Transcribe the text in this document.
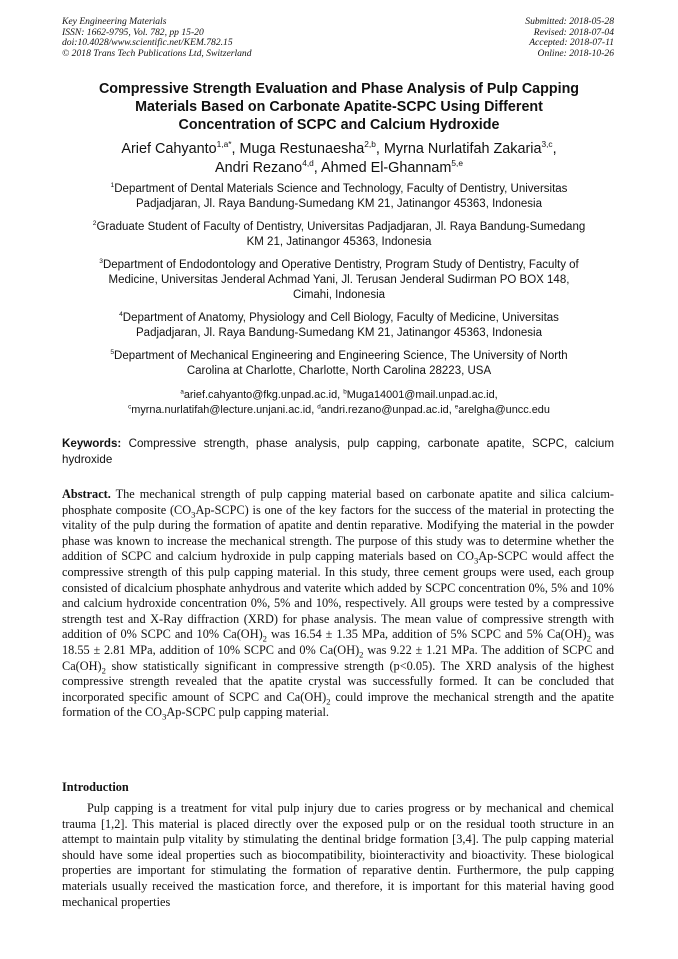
Key Engineering Materials
ISSN: 1662-9795, Vol. 782, pp 15-20
doi:10.4028/www.scientific.net/KEM.782.15
© 2018 Trans Tech Publications Ltd, Switzerland
Submitted: 2018-05-28
Revised: 2018-07-04
Accepted: 2018-07-11
Online: 2018-10-26
Compressive Strength Evaluation and Phase Analysis of Pulp Capping
Materials Based on Carbonate Apatite-SCPC Using Different
Concentration of SCPC and Calcium Hydroxide
Arief Cahyanto$^{1,a*}$, Muga Restunaesha$^{2,b}$, Myrna Nurlatifah Zakaria$^{3,c}$,
Andri Rezano$^{4,d}$, Ahmed El-Ghannam$^{5,e}$
$^1$Department of Dental Materials Science and Technology, Faculty of Dentistry, Universitas
Padjadjaran, Jl. Raya Bandung-Sumedang KM 21, Jatinangor 45363, Indonesia
$^2$Graduate Student of Faculty of Dentistry, Universitas Padjadjaran, Jl. Raya Bandung-Sumedang
KM 21, Jatinangor 45363, Indonesia
$^3$Department of Endodontology and Operative Dentistry, Program Study of Dentistry, Faculty of
Medicine, Universitas Jenderal Achmad Yani, Jl. Terusan Jenderal Sudirman PO BOX 148,
Cimahi, Indonesia
$^4$Department of Anatomy, Physiology and Cell Biology, Faculty of Medicine, Universitas
Padjadjaran, Jl. Raya Bandung-Sumedang KM 21, Jatinangor 45363, Indonesia
$^5$Department of Mechanical Engineering and Engineering Science, The University of North
Carolina at Charlotte, Charlotte, North Carolina 28223, USA
$^a$arief.cahyanto@fkg.unpad.ac.id, $^b$Muga14001@mail.unpad.ac.id,
$^c$myrna.nurlatifah@lecture.unjani.ac.id, $^d$andri.rezano@unpad.ac.id, $^e$arelgha@uncc.edu
Keywords: Compressive strength, phase analysis, pulp capping, carbonate apatite, SCPC, calcium hydroxide

Abstract. The mechanical strength of pulp capping material based on carbonate apatite and silica calcium-phosphate composite $(CO_3Ap-SCPC)$ is one of the key factors for the success of the material in protecting the vitality of the pulp during the formation of apatite and dentin reparative. Modifying the material in the powder phase was known to increase the mechanical strength. The purpose of this study was to determine whether the addition of SCPC and calcium hydroxide in pulp capping materials based on $CO_3Ap$-SCPC would affect the compressive strength of this pulp capping material. In this study, three cement groups were used, each group consisted of dicalcium phosphate anhydrous and vaterite which added by SCPC concentration 0%, 5% and 10% and calcium hydroxide concentration 0%, 5% and 10%, respectively. All groups were tested by a compressive strength test and X-Ray diffraction (XRD) for phase analysis. The mean value of compressive strength with addition of 0% SCPC and 10% $Ca(OH)_2$ was 16.54 ± 1.35 MPa, addition of 5% SCPC and 5% $Ca(OH)_2$ was 18.55 ± 2.81 MPa, addition of 10% SCPC and 0% $Ca(OH)_2$ was 9.22 ± 1.21 MPa. The addition of SCPC and $Ca(OH)_2$ show statistically significant in compressive strength (p<0.05). The XRD analysis of the highest compressive strength revealed that the apatite crystal was successfully formed. It can be concluded that incorporated specific amount of SCPC and $Ca(OH)_2$ could improve the mechanical strength and the apatite formation of the $CO_3Ap$-SCPC pulp capping material.

Introduction

Pulp capping is a treatment for vital pulp injury due to caries progress or by mechanical and chemical trauma [1,2]. This material is placed directly over the exposed pulp or on the residual tooth structure in an attempt to maintain pulp vitality by stimulating the dentinal bridge formation [3,4]. The pulp capping material should have some ideal properties such as biocompatibility, biointeractivity and bioactivity. These biological properties are important for stimulating the formation of reparative dentin. Furthermore, the pulp capping materials usually received the mastication force, and therefore, it is important for this material having good mechanical properties
